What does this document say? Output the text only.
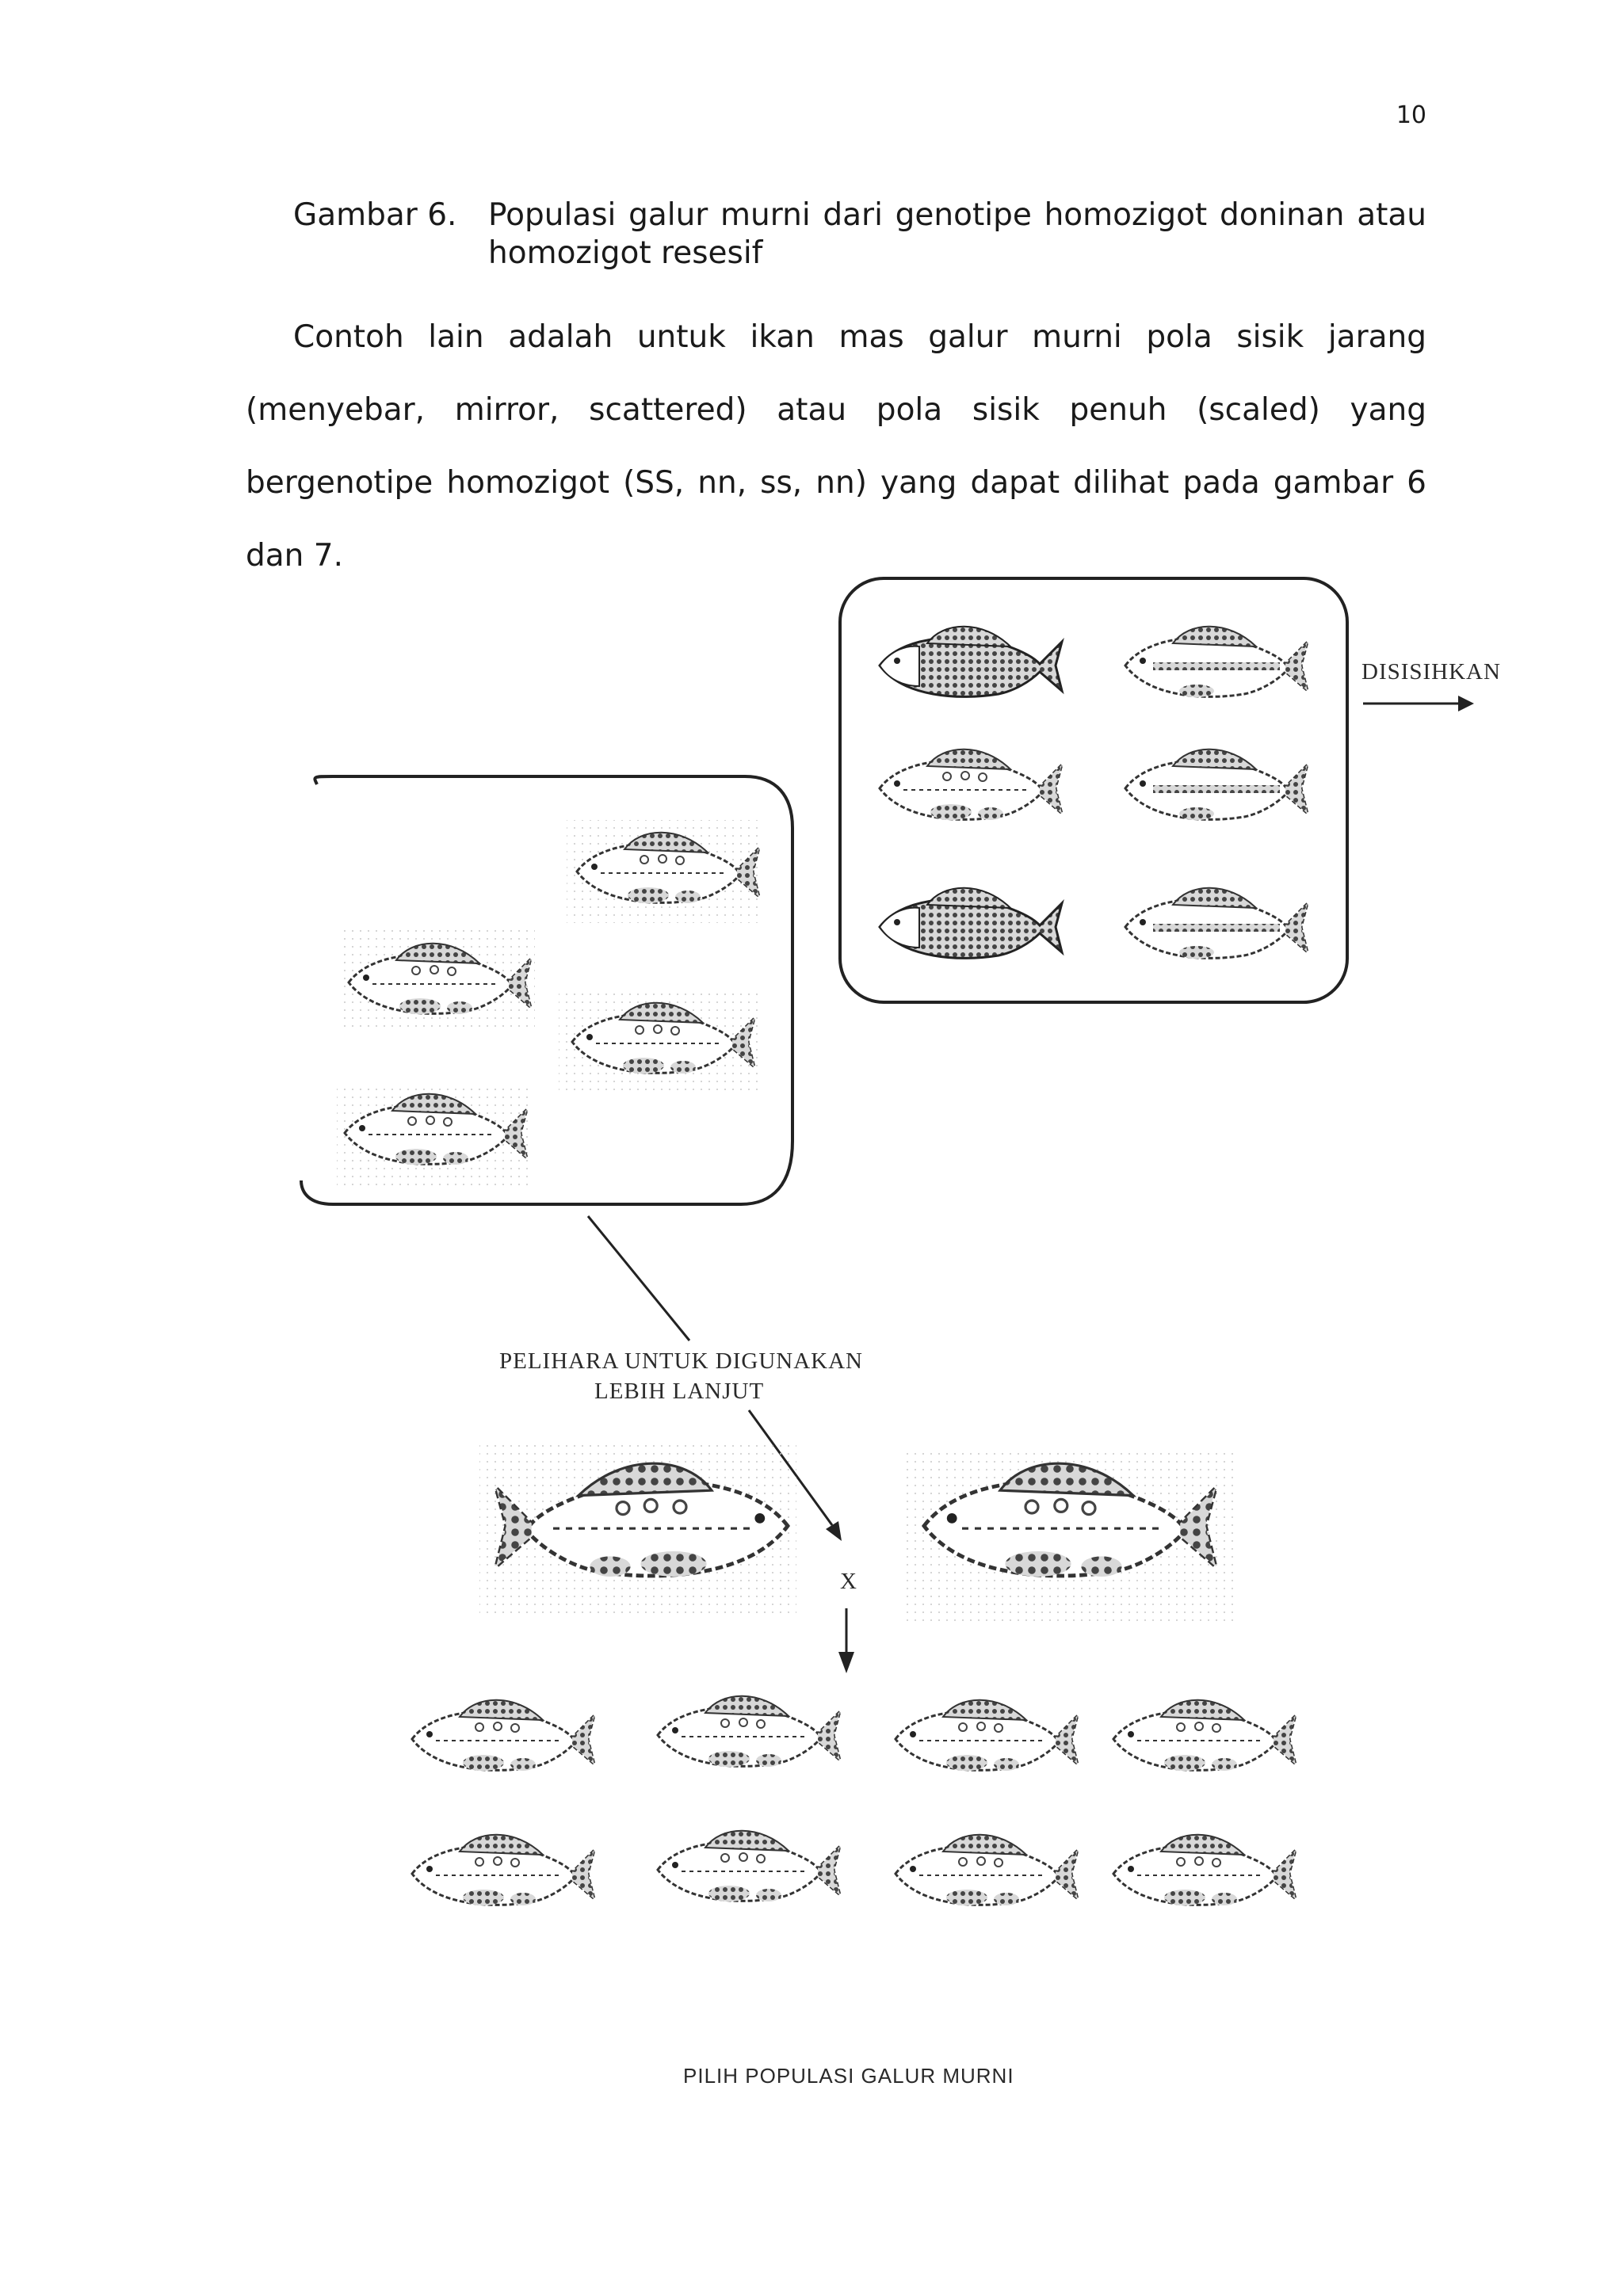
10
Gambar 6. Populasi galur murni dari genotipe homozigot doninan atau homozigot resesif
Contoh lain adalah untuk ikan mas galur murni pola sisik jarang (menyebar, mirror, scattered) atau pola sisik penuh (scaled) yang bergenotipe homozigot (SS, nn, ss, nn) yang dapat dilihat pada gambar 6 dan 7.
DISISIHKAN
PELIHARA UNTUK DIGUNAKAN
LEBIH LANJUT
X
PILIH POPULASI GALUR MURNI
